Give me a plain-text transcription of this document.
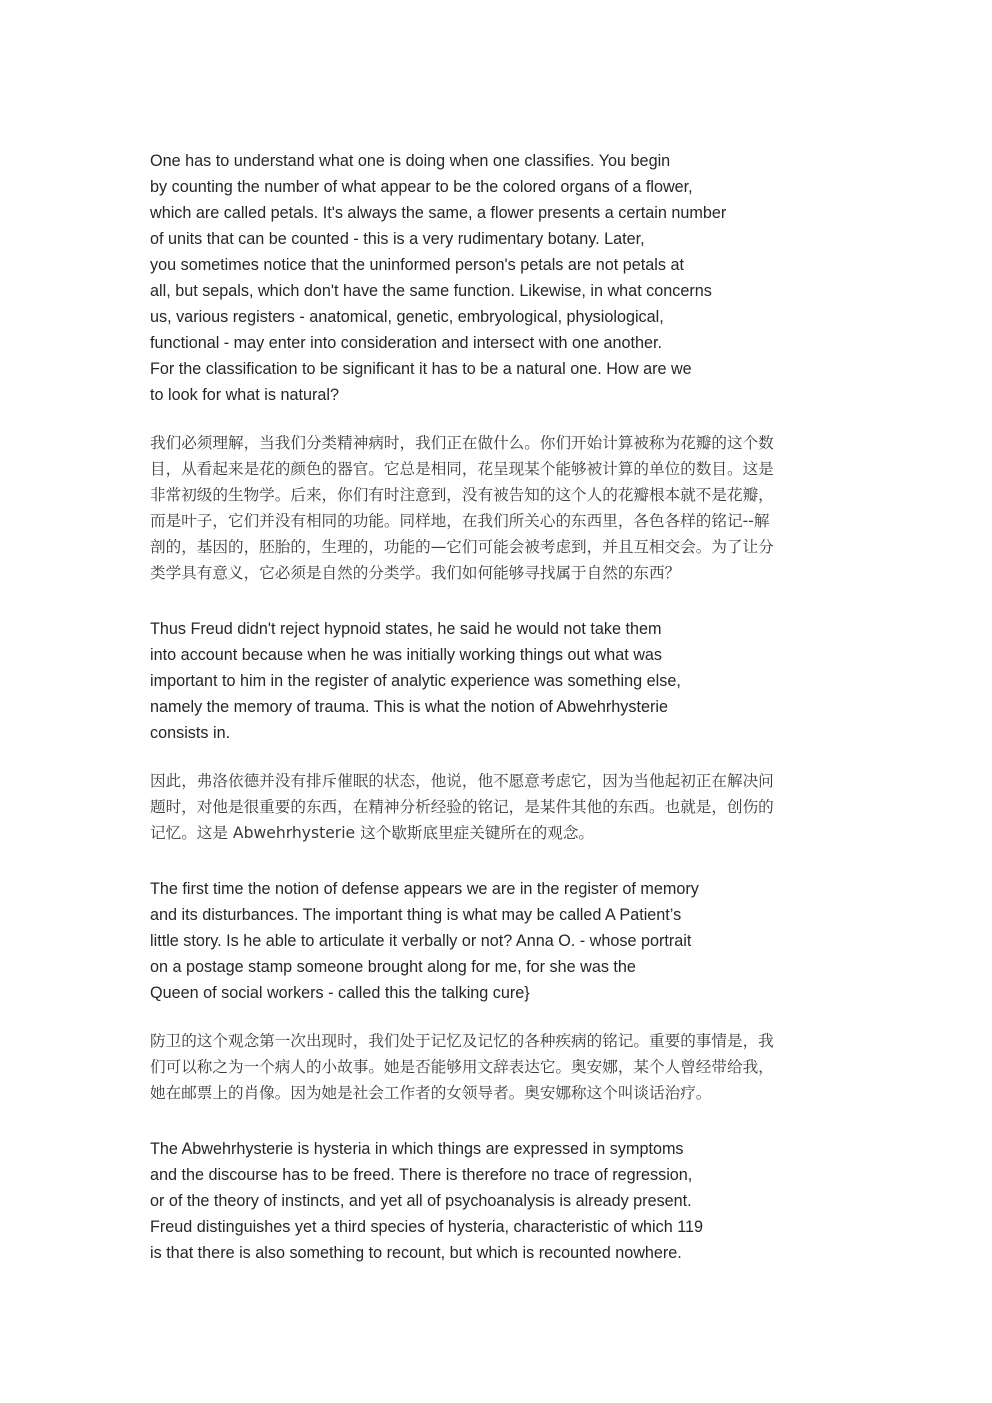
One has to understand what one is doing when one classifies. You begin
by counting the number of what appear to be the colored organs of a flower,
which are called petals. It's always the same, a flower presents a certain number
of units that can be counted - this is a very rudimentary botany. Later,
you sometimes notice that the uninformed person's petals are not petals at
all, but sepals, which don't have the same function. Likewise, in what concerns
us, various registers - anatomical, genetic, embryological, physiological,
functional - may enter into consideration and intersect with one another.
For the classification to be significant it has to be a natural one. How are we
to look for what is natural?
我们必须理解，当我们分类精神病时，我们正在做什么。你们开始计算被称为花瓣的这个数
目，从看起来是花的颜色的器官。它总是相同，花呈现某个能够被计算的单位的数目。这是
非常初级的生物学。后来，你们有时注意到，没有被告知的这个人的花瓣根本就不是花瓣，
而是叶子，它们并没有相同的功能。同样地，在我们所关心的东西里，各色各样的铭记--解
剖的，基因的，胚胎的，生理的，功能的—它们可能会被考虑到，并且互相交会。为了让分
类学具有意义，它必须是自然的分类学。我们如何能够寻找属于自然的东西？
Thus Freud didn't reject hypnoid states, he said he would not take them
into account because when he was initially working things out what was
important to him in the register of analytic experience was something else,
namely the memory of trauma. This is what the notion of Abwehrhysterie
consists in.
因此，弗洛依德并没有排斥催眠的状态，他说，他不愿意考虑它，因为当他起初正在解决问
题时，对他是很重要的东西，在精神分析经验的铭记，是某件其他的东西。也就是，创伤的
记忆。这是 Abwehrhysterie 这个歇斯底里症关键所在的观念。
The first time the notion of defense appears we are in the register of memory
and its disturbances. The important thing is what may be called A Patient’s
little story. Is he able to articulate it verbally or not? Anna O. - whose portrait
on a postage stamp someone brought along for me, for she was the
Queen of social workers - called this the talking cure}
防卫的这个观念第一次出现时，我们处于记忆及记忆的各种疾病的铭记。重要的事情是，我
们可以称之为一个病人的小故事。她是否能够用文辞表达它。奥安娜，某个人曾经带给我，
她在邮票上的肖像。因为她是社会工作者的女领导者。奥安娜称这个叫谈话治疗。
The Abwehrhysterie is hysteria in which things are expressed in symptoms
and the discourse has to be freed. There is therefore no trace of regression,
or of the theory of instincts, and yet all of psychoanalysis is already present.
Freud distinguishes yet a third species of hysteria, characteristic of which 119
is that there is also something to recount, but which is recounted nowhere.
